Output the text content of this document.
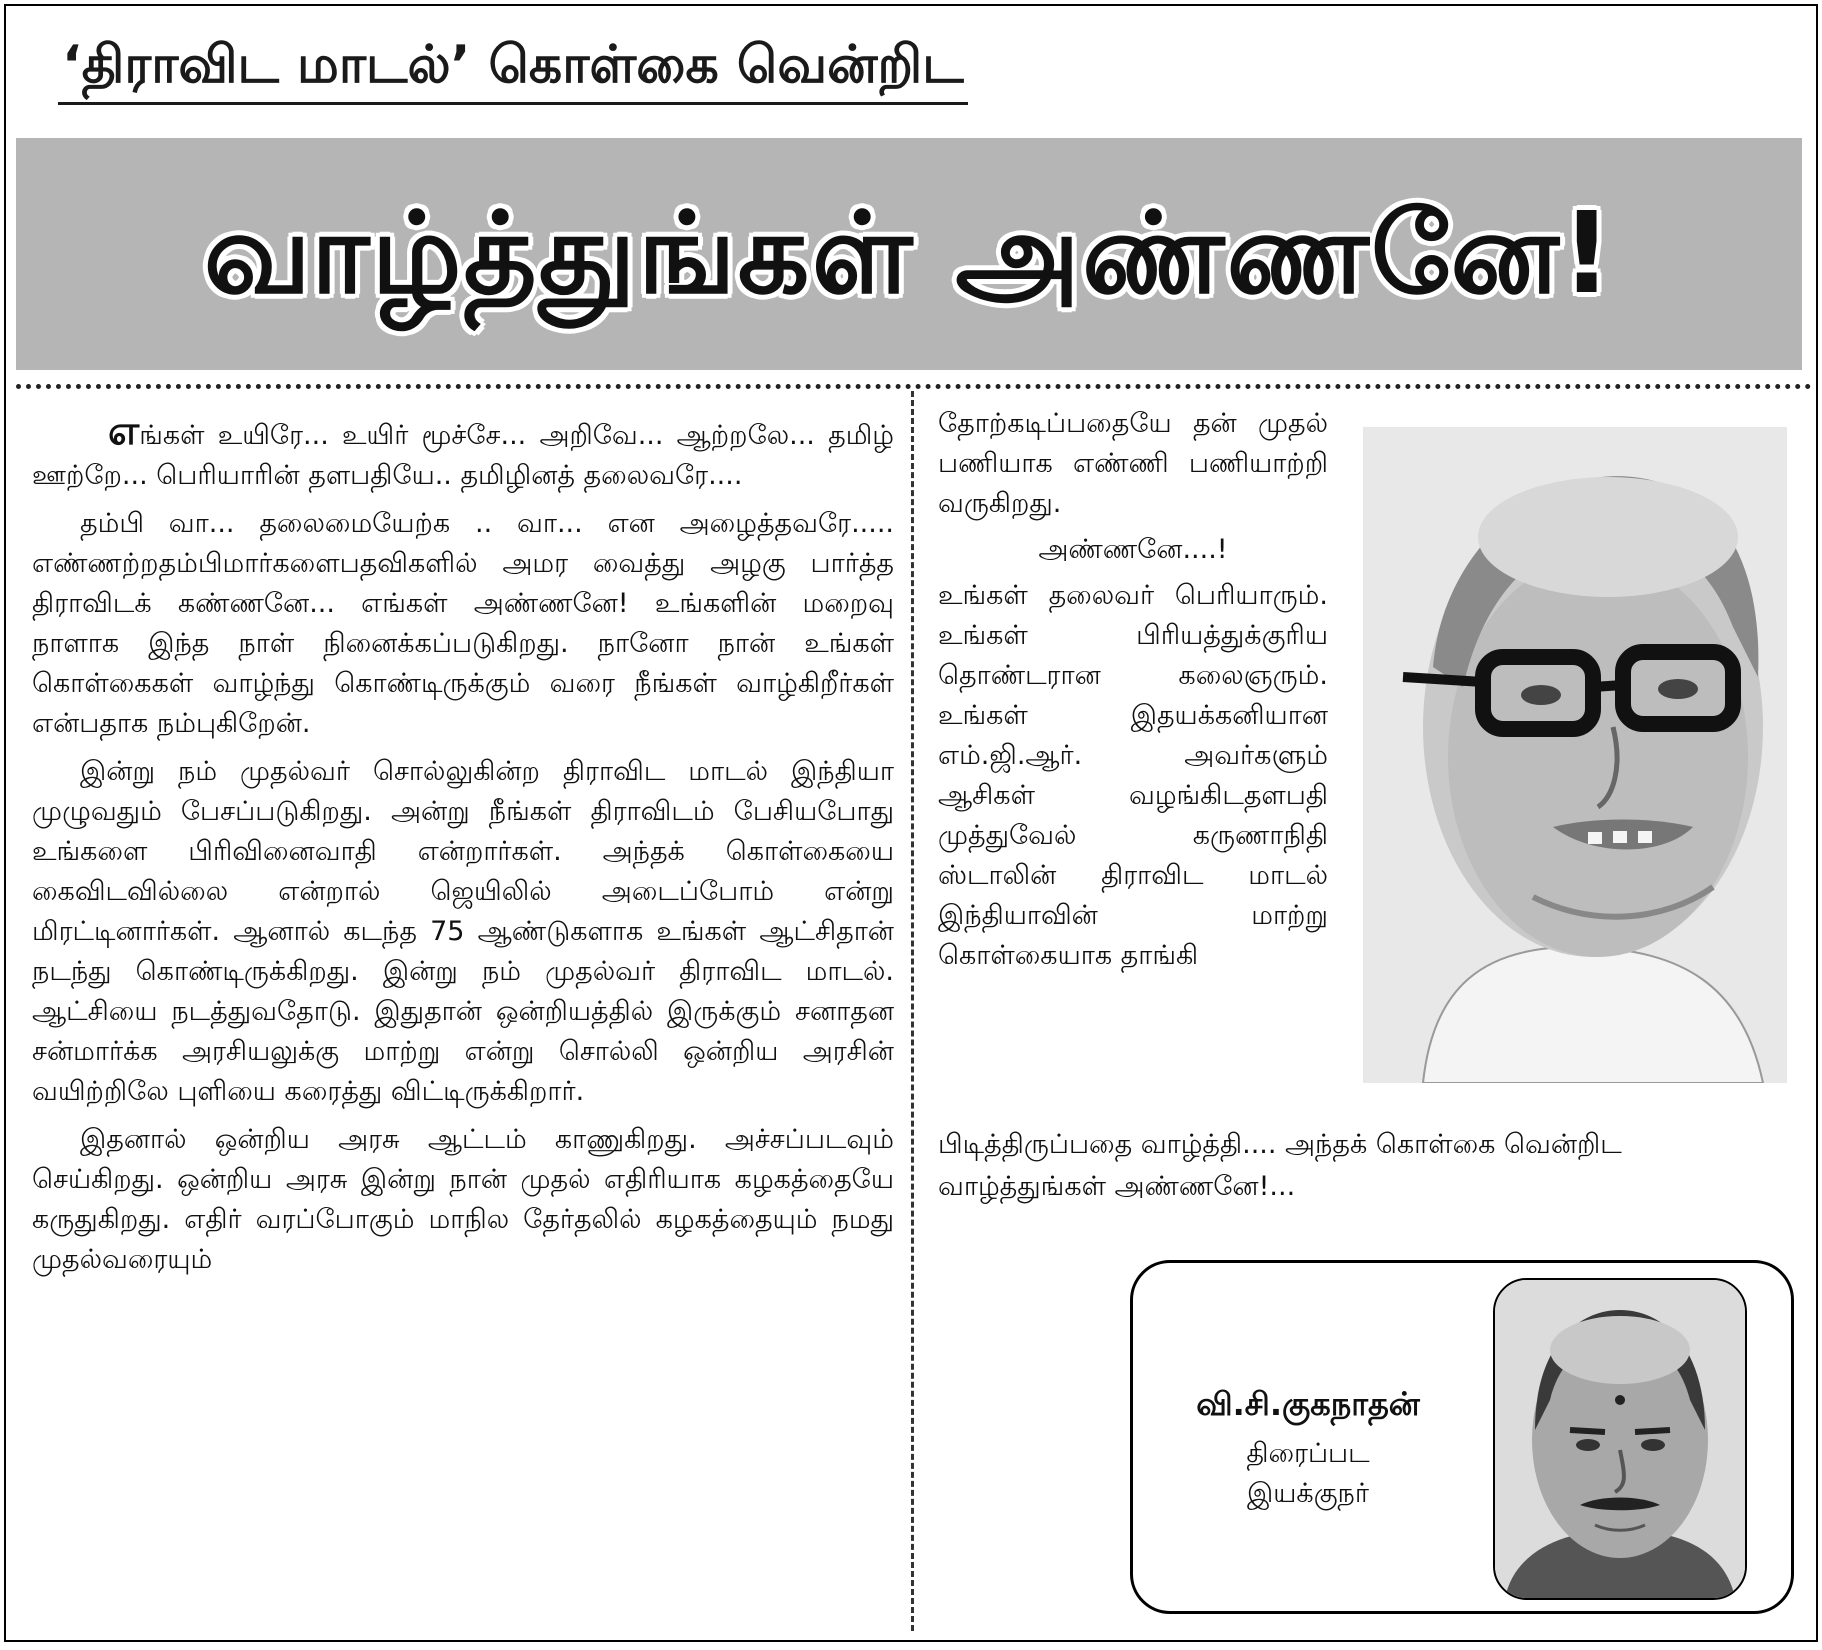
‘திராவிட மாடல்’ கொள்கை வென்றிட
வாழ்த்துங்கள் அண்ணனே!

எங்கள் உயிரே... உயிர் மூச்சே... அறிவே... ஆற்றலே... தமிழ் ஊற்றே... பெரியாரின் தளபதியே.. தமிழினத் தலைவரே....

தம்பி வா... தலைமையேற்க .. வா... என அழைத்தவரே..... எண்ணற்றதம்பிமார்களைபதவிகளில் அமர வைத்து அழகு பார்த்த திராவிடக் கண்ணனே... எங்கள் அண்ணனே! உங்களின் மறைவு நாளாக இந்த நாள் நினைக்கப்படுகிறது. நானோ நான் உங்கள் கொள்கைகள் வாழ்ந்து கொண்டிருக்கும் வரை நீங்கள் வாழ்கிறீர்கள் என்பதாக நம்புகிறேன்.

இன்று நம் முதல்வர் சொல்லுகின்ற திராவிட மாடல் இந்தியா முழுவதும் பேசப்படுகிறது. அன்று நீங்கள் திராவிடம் பேசியபோது உங்களை பிரிவினைவாதி என்றார்கள். அந்தக் கொள்கையை கைவிடவில்லை என்றால் ஜெயிலில் அடைப்போம் என்று மிரட்டினார்கள். ஆனால் கடந்த 75 ஆண்டுகளாக உங்கள் ஆட்சிதான் நடந்து கொண்டிருக்கிறது. இன்று நம் முதல்வர் திராவிட மாடல். ஆட்சியை நடத்துவதோடு. இதுதான் ஒன்றியத்தில் இருக்கும் சனாதன சன்மார்க்க அரசியலுக்கு மாற்று என்று சொல்லி ஒன்றிய அரசின் வயிற்றிலே புளியை கரைத்து விட்டிருக்கிறார்.

இதனால் ஒன்றிய அரசு ஆட்டம் காணுகிறது. அச்சப்படவும் செய்கிறது. ஒன்றிய அரசு இன்று நான் முதல் எதிரியாக கழகத்தையே கருதுகிறது. எதிர் வரப்போகும் மாநில தேர்தலில் கழகத்தையும் நமது முதல்வரையும்

தோற்கடிப்பதையே தன் முதல் பணியாக எண்ணி பணியாற்றி வருகிறது.

அண்ணனே....!

உங்கள் தலைவர் பெரியாரும். உங்கள் பிரியத்துக்குரிய தொண்டரான கலைஞரும். உங்கள் இதயக்கனியான எம்.ஜி.ஆர். அவர்களும் ஆசிகள் வழங்கிடதளபதி முத்துவேல் கருணாநிதி ஸ்டாலின் திராவிட மாடல் இந்தியாவின் மாற்று கொள்கையாக தாங்கி

பிடித்திருப்பதை வாழ்த்தி.... அந்தக் கொள்கை வென்றிட வாழ்த்துங்கள் அண்ணனே!...
வி.சி.குகநாதன்
திரைப்பட
இயக்குநர்
